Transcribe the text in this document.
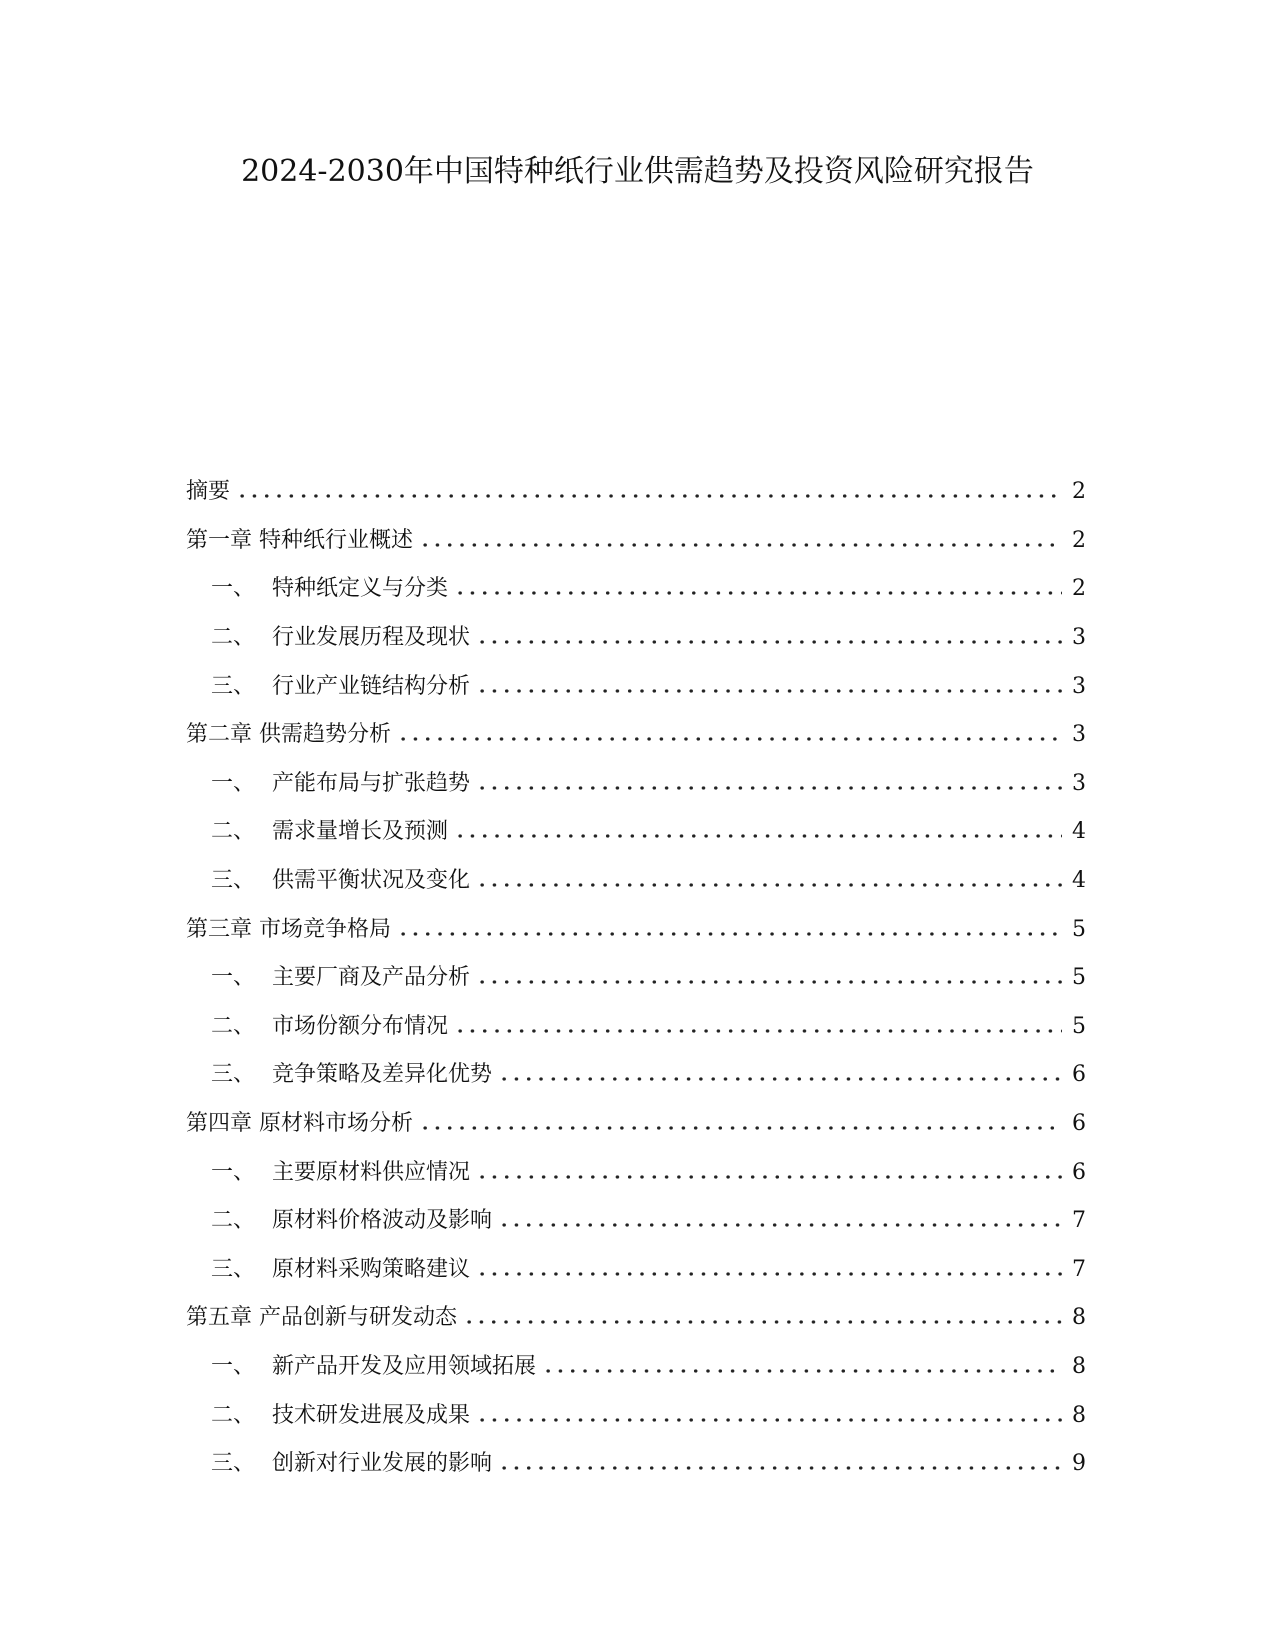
2024-2030年中国特种纸行业供需趋势及投资风险研究报告
摘要	2
第一章 特种纸行业概述	2
一、 特种纸定义与分类	2
二、 行业发展历程及现状	3
三、 行业产业链结构分析	3
第二章 供需趋势分析	3
一、 产能布局与扩张趋势	3
二、 需求量增长及预测	4
三、 供需平衡状况及变化	4
第三章 市场竞争格局	5
一、 主要厂商及产品分析	5
二、 市场份额分布情况	5
三、 竞争策略及差异化优势	6
第四章 原材料市场分析	6
一、 主要原材料供应情况	6
二、 原材料价格波动及影响	7
三、 原材料采购策略建议	7
第五章 产品创新与研发动态	8
一、 新产品开发及应用领域拓展	8
二、 技术研发进展及成果	8
三、 创新对行业发展的影响	9
